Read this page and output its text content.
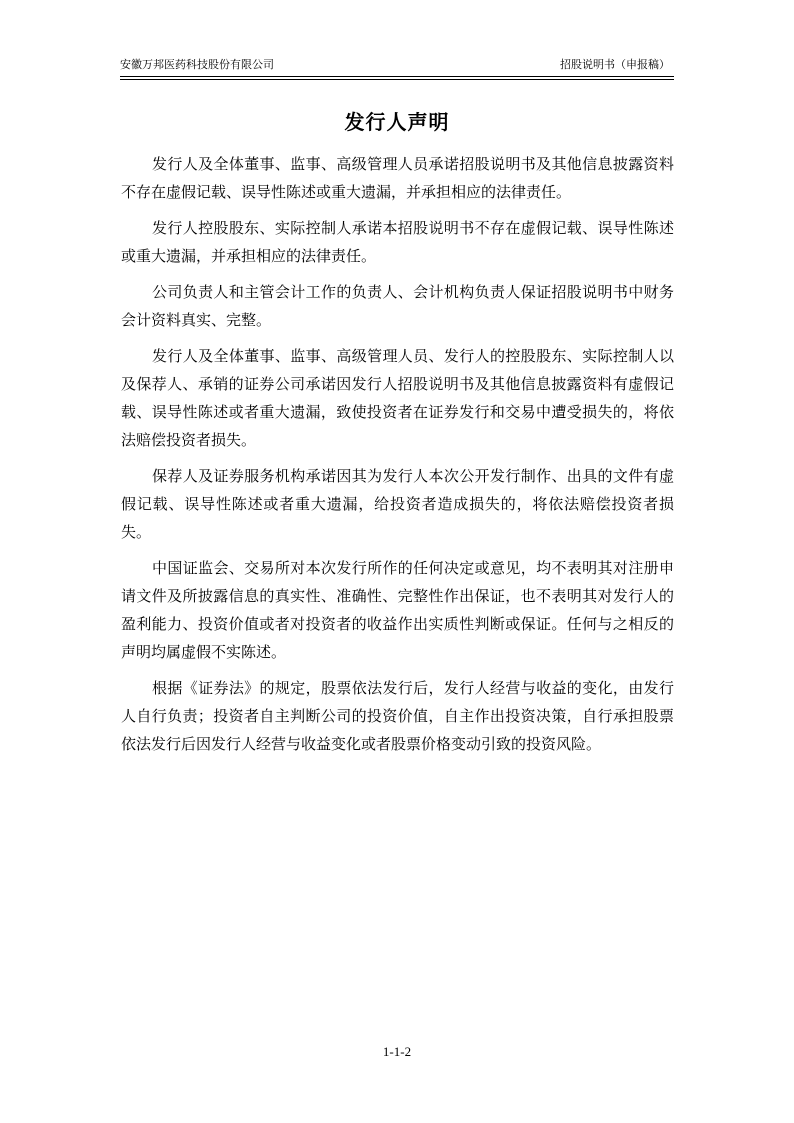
安徽万邦医药科技股份有限公司	招股说明书（申报稿）
发行人声明

发行人及全体董事、监事、高级管理人员承诺招股说明书及其他信息披露资料不存在虚假记载、误导性陈述或重大遗漏，并承担相应的法律责任。

发行人控股股东、实际控制人承诺本招股说明书不存在虚假记载、误导性陈述或重大遗漏，并承担相应的法律责任。

公司负责人和主管会计工作的负责人、会计机构负责人保证招股说明书中财务会计资料真实、完整。

发行人及全体董事、监事、高级管理人员、发行人的控股股东、实际控制人以及保荐人、承销的证券公司承诺因发行人招股说明书及其他信息披露资料有虚假记载、误导性陈述或者重大遗漏，致使投资者在证券发行和交易中遭受损失的，将依法赔偿投资者损失。

保荐人及证券服务机构承诺因其为发行人本次公开发行制作、出具的文件有虚假记载、误导性陈述或者重大遗漏，给投资者造成损失的，将依法赔偿投资者损失。

中国证监会、交易所对本次发行所作的任何决定或意见，均不表明其对注册申请文件及所披露信息的真实性、准确性、完整性作出保证，也不表明其对发行人的盈利能力、投资价值或者对投资者的收益作出实质性判断或保证。任何与之相反的声明均属虚假不实陈述。

根据《证券法》的规定，股票依法发行后，发行人经营与收益的变化，由发行人自行负责；投资者自主判断公司的投资价值，自主作出投资决策，自行承担股票依法发行后因发行人经营与收益变化或者股票价格变动引致的投资风险。

1-1-2
